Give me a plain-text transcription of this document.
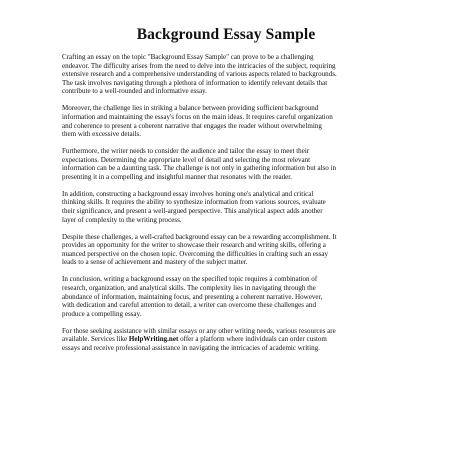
Background Essay Sample
Crafting an essay on the topic "Background Essay Sample" can prove to be a challenging
endeavor. The difficulty arises from the need to delve into the intricacies of the subject, requiring
extensive research and a comprehensive understanding of various aspects related to backgrounds.
The task involves navigating through a plethora of information to identify relevant details that
contribute to a well-rounded and informative essay.
Moreover, the challenge lies in striking a balance between providing sufficient background
information and maintaining the essay's focus on the main ideas. It requires careful organization
and coherence to present a coherent narrative that engages the reader without overwhelming
them with excessive details.
Furthermore, the writer needs to consider the audience and tailor the essay to meet their
expectations. Determining the appropriate level of detail and selecting the most relevant
information can be a daunting task. The challenge is not only in gathering information but also in
presenting it in a compelling and insightful manner that resonates with the reader.
In addition, constructing a background essay involves honing one's analytical and critical
thinking skills. It requires the ability to synthesize information from various sources, evaluate
their significance, and present a well-argued perspective. This analytical aspect adds another
layer of complexity to the writing process.
Despite these challenges, a well-crafted background essay can be a rewarding accomplishment. It
provides an opportunity for the writer to showcase their research and writing skills, offering a
nuanced perspective on the chosen topic. Overcoming the difficulties in crafting such an essay
leads to a sense of achievement and mastery of the subject matter.
In conclusion, writing a background essay on the specified topic requires a combination of
research, organization, and analytical skills. The complexity lies in navigating through the
abundance of information, maintaining focus, and presenting a coherent narrative. However,
with dedication and careful attention to detail, a writer can overcome these challenges and
produce a compelling essay.
For those seeking assistance with similar essays or any other writing needs, various resources are
available. Services like HelpWriting.net offer a platform where individuals can order custom
essays and receive professional assistance in navigating the intricacies of academic writing.
